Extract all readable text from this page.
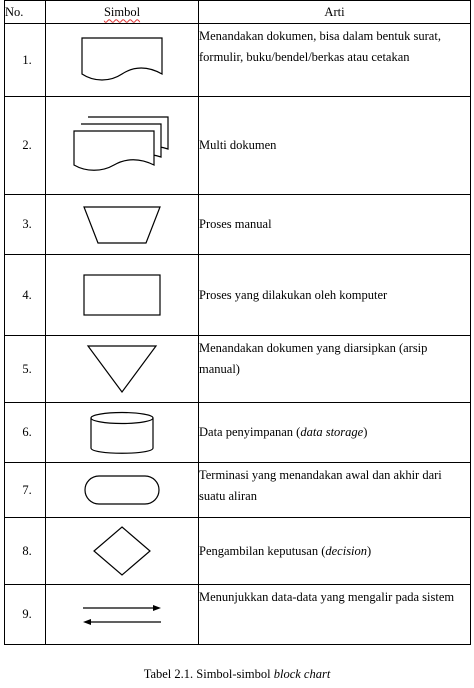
No.	Simbol	Arti
1.		Menandakan dokumen, bisa dalam bentuk surat, formulir, buku/bendel/berkas atau cetakan
2.		Multi dokumen
3.		Proses manual
4.		Proses yang dilakukan oleh komputer
5.		Menandakan dokumen yang diarsipkan (arsip manual)
6.		Data penyimpanan (data storage)
7.		Terminasi yang menandakan awal dan akhir dari suatu aliran
8.		Pengambilan keputusan (decision)
9.		Menunjukkan data-data yang mengalir pada sistem
Tabel 2.1. Simbol-simbol block chart
